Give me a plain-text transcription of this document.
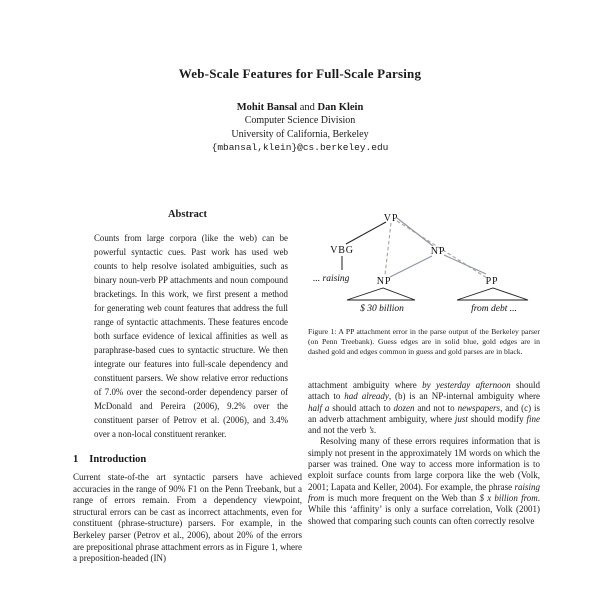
Web-Scale Features for Full-Scale Parsing
Mohit Bansal and Dan Klein
Computer Science Division
University of California, Berkeley
{mbansal,klein}@cs.berkeley.edu
Abstract

Counts from large corpora (like the web) can be powerful syntactic cues. Past work has used web counts to help resolve isolated ambiguities, such as binary noun-verb PP attachments and noun compound bracketings. In this work, we first present a method for generating web count features that address the full range of syntactic attachments. These features encode both surface evidence of lexical affinities as well as paraphrase-based cues to syntactic structure. We then integrate our features into full-scale dependency and constituent parsers. We show relative error reductions of 7.0% over the second-order dependency parser of McDonald and Pereira (2006), 9.2% over the constituent parser of Petrov et al. (2006), and 3.4% over a non-local constituent reranker.

1 Introduction

Current state-of-the art syntactic parsers have achieved accuracies in the range of 90% F1 on the Penn Treebank, but a range of errors remain. From a dependency viewpoint, structural errors can be cast as incorrect attachments, even for constituent (phrase-structure) parsers. For example, in the Berkeley parser (Petrov et al., 2006), about 20% of the errors are prepositional phrase attachment errors as in Figure 1, where a preposition-headed (IN)

VP
VBG	NP
NP	PP
... raising
$ 30 billion	from debt ...

Figure 1: A PP attachment error in the parse output of the Berkeley parser (on Penn Treebank). Guess edges are in solid blue, gold edges are in dashed gold and edges common in guess and gold parses are in black.

attachment ambiguity where by yesterday afternoon should attach to had already, (b) is an NP-internal ambiguity where half a should attach to dozen and not to newspapers, and (c) is an adverb attachment ambiguity, where just should modify fine and not the verb ’s.

Resolving many of these errors requires information that is simply not present in the approximately 1M words on which the parser was trained. One way to access more information is to exploit surface counts from large corpora like the web (Volk, 2001; Lapata and Keller, 2004). For example, the phrase raising from is much more frequent on the Web than $ x billion from. While this ‘affinity’ is only a surface correlation, Volk (2001) showed that comparing such counts can often correctly resolve
